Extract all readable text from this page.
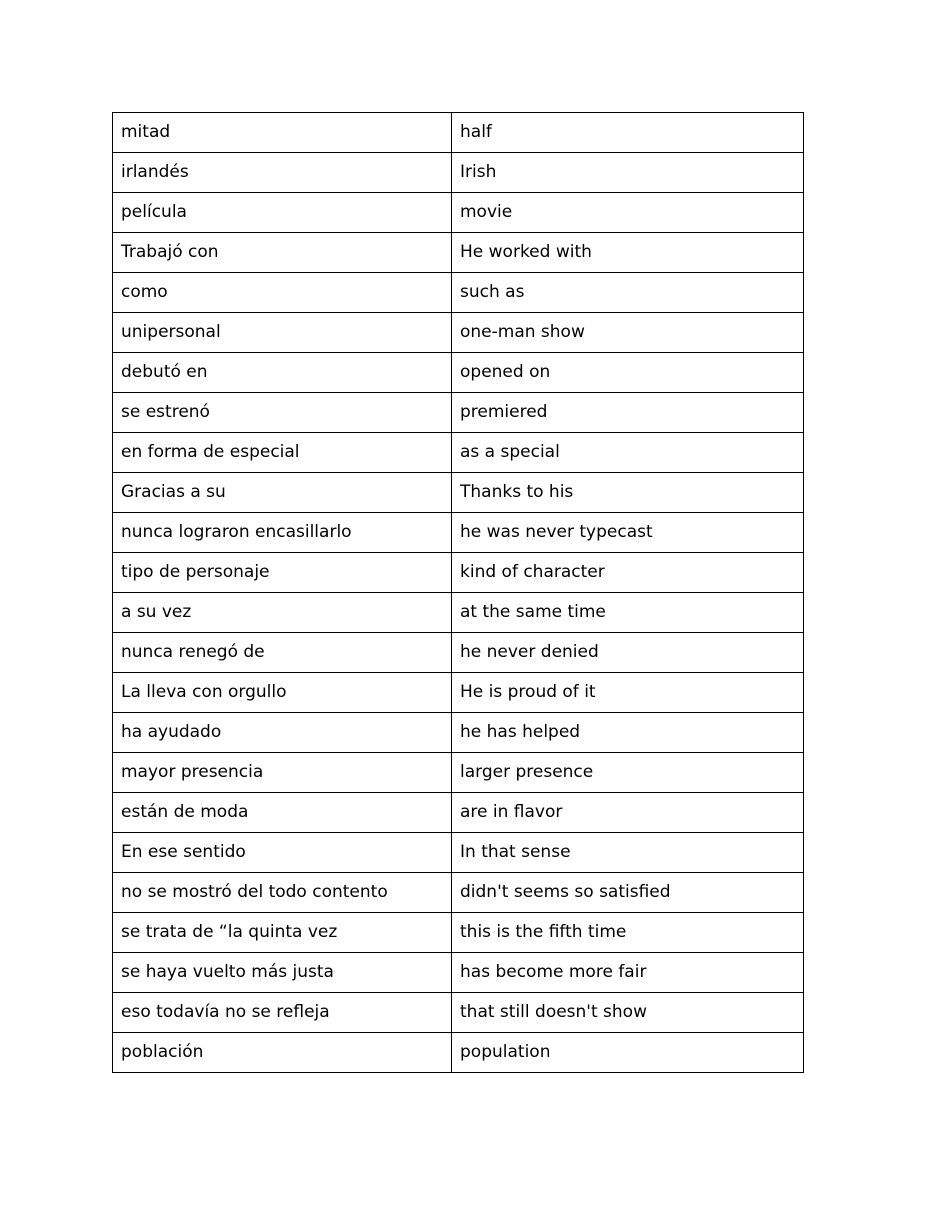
mitad	half
irlandés	Irish
película	movie
Trabajó con	He worked with
como	such as
unipersonal	one-man show
debutó en	opened on
se estrenó	premiered
en forma de especial	as a special
Gracias a su	Thanks to his
nunca lograron encasillarlo	he was never typecast
tipo de personaje	kind of character
a su vez	at the same time
nunca renegó de	he never denied
La lleva con orgullo	He is proud of it
ha ayudado	he has helped
mayor presencia	larger presence
están de moda	are in flavor
En ese sentido	In that sense
no se mostró del todo contento	didn't seems so satisfied
se trata de “la quinta vez	this is the fifth time
se haya vuelto más justa	has become more fair
eso todavía no se refleja	that still doesn't show
población	population
